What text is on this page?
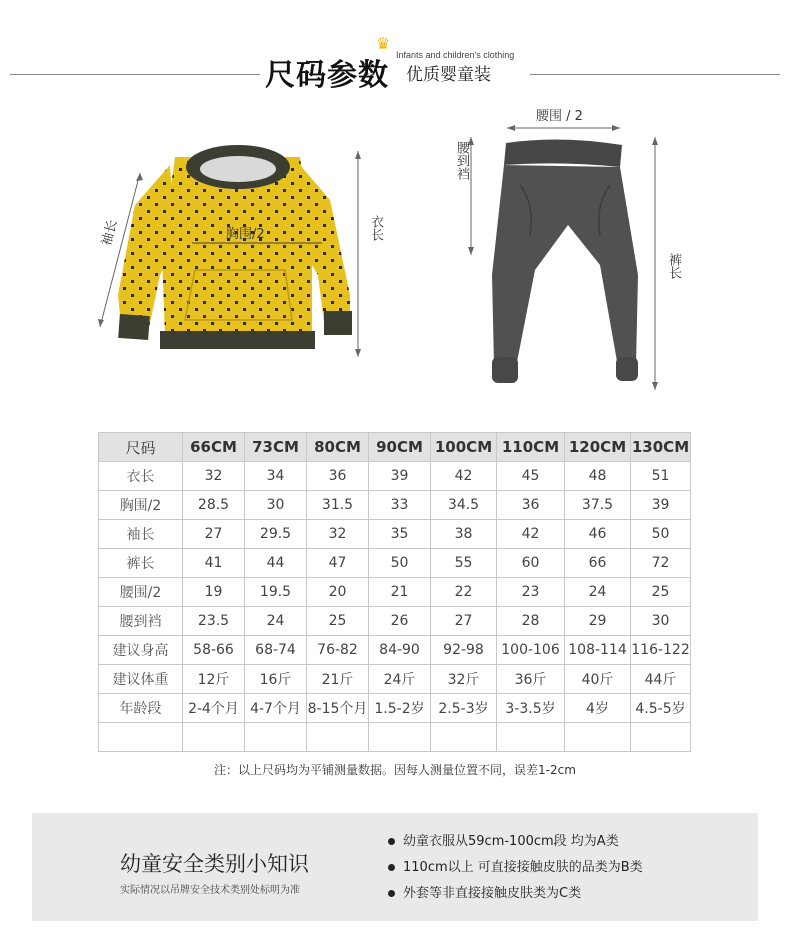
尺码参数
♛
Infants and children's clothing
优质婴童装
袖长	胸围/2	衣长
腰围 / 2
腰到裆
裤长
尺码	66CM	73CM	80CM	90CM	100CM	110CM	120CM	130CM
衣长	32	34	36	39	42	45	48	51
胸围/2	28.5	30	31.5	33	34.5	36	37.5	39
袖长	27	29.5	32	35	38	42	46	50
裤长	41	44	47	50	55	60	66	72
腰围/2	19	19.5	20	21	22	23	24	25
腰到裆	23.5	24	25	26	27	28	29	30
建议身高	58-66	68-74	76-82	84-90	92-98	100-106	108-114	116-122
建议体重	12斤	16斤	21斤	24斤	32斤	36斤	40斤	44斤
年龄段	2-4个月	4-7个月	8-15个月	1.5-2岁	2.5-3岁	3-3.5岁	4岁	4.5-5岁

注：以上尺码均为平铺测量数据。因每人测量位置不同，误差1-2cm
幼童安全类别小知识
实际情况以吊牌安全技术类别处标明为准
幼童衣服从59cm-100cm段 均为A类
110cm以上 可直接接触皮肤的品类为B类
外套等非直接接触皮肤类为C类
